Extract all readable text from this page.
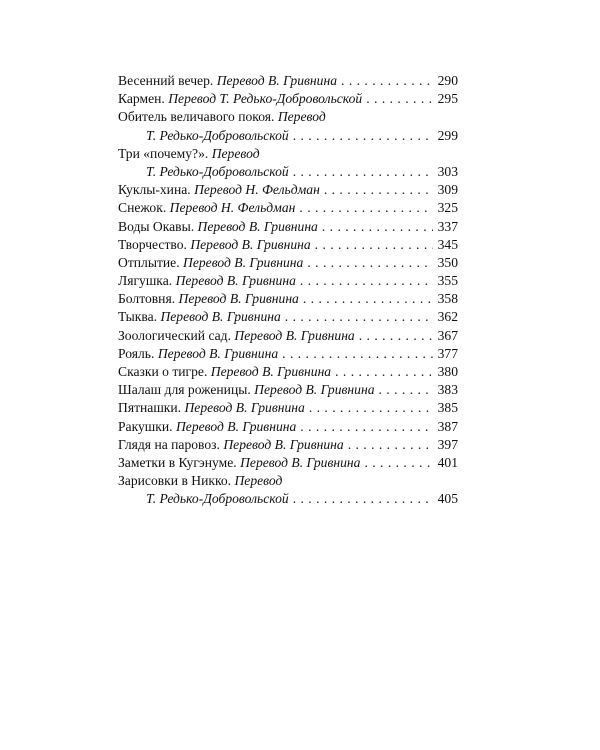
Весенний вечер. Перевод В. Гривнина . . .	290
Кармен. Перевод Т. Редько-Добровольской . . .	295
Обитель величавого покоя. Перевод
Т. Редько-Добровольской . . .	299
Три «почему?». Перевод
Т. Редько-Добровольской . . .	303
Куклы-хина. Перевод Н. Фельдман . . .	309
Снежок. Перевод Н. Фельдман . . .	325
Воды Окавы. Перевод В. Гривнина . . .	337
Творчество. Перевод В. Гривнина . . .	345
Отплытие. Перевод В. Гривнина . . .	350
Лягушка. Перевод В. Гривнина . . .	355
Болтовня. Перевод В. Гривнина . . .	358
Тыква. Перевод В. Гривнина . . .	362
Зоологический сад. Перевод В. Гривнина . . .	367
Рояль. Перевод В. Гривнина . . .	377
Сказки о тигре. Перевод В. Гривнина . . .	380
Шалаш для роженицы. Перевод В. Гривнина . . .	383
Пятнашки. Перевод В. Гривнина . . .	385
Ракушки. Перевод В. Гривнина . . .	387
Глядя на паровоз. Перевод В. Гривнина . . .	397
Заметки в Кугэнуме. Перевод В. Гривнина . . .	401
Зарисовки в Никко. Перевод
Т. Редько-Добровольской . . .	405
